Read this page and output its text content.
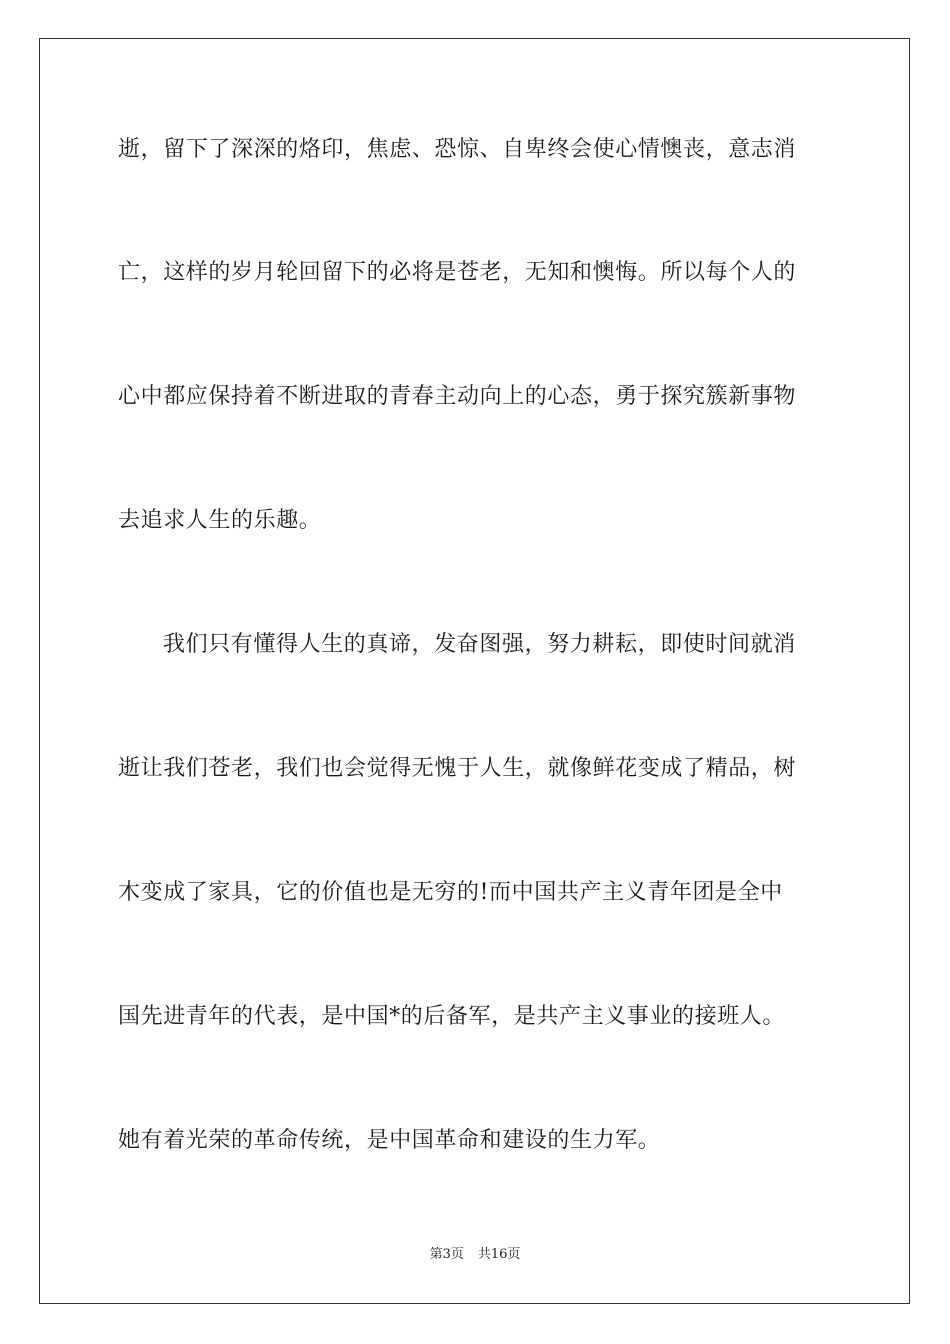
逝，留下了深深的烙印，焦虑、恐惊、自卑终会使心情懊丧，意志消
亡，这样的岁月轮回留下的必将是苍老，无知和懊悔。所以每个人的
心中都应保持着不断进取的青春主动向上的心态，勇于探究簇新事物
去追求人生的乐趣。
我们只有懂得人生的真谛，发奋图强，努力耕耘，即使时间就消
逝让我们苍老，我们也会觉得无愧于人生，就像鲜花变成了精品，树
木变成了家具，它的价值也是无穷的!而中国共产主义青年团是全中
国先进青年的代表，是中国*的后备军，是共产主义事业的接班人。
她有着光荣的革命传统，是中国革命和建设的生力军。
第3页 共16页
